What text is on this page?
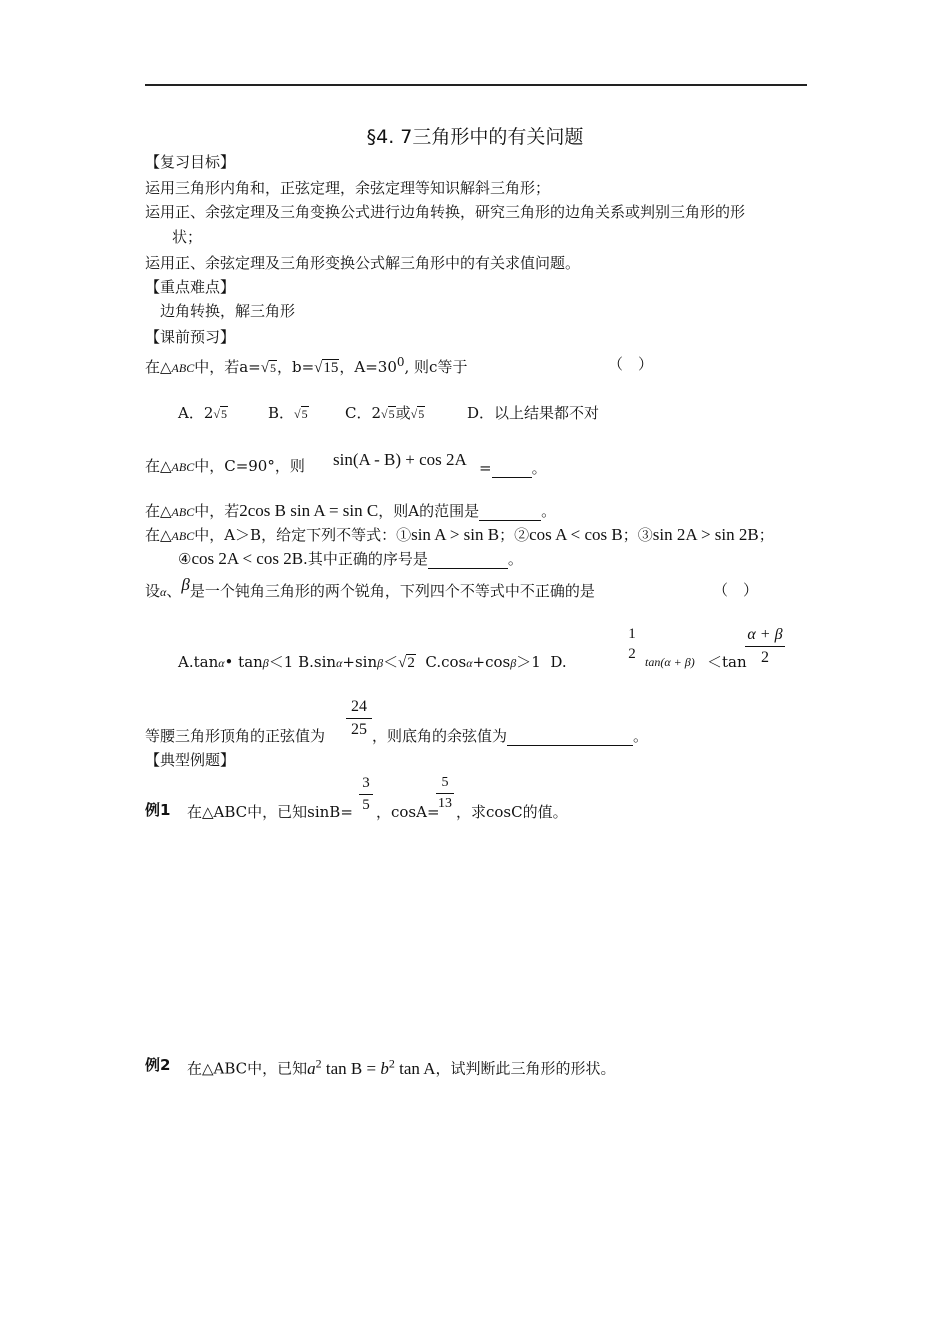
§4. 7三角形中的有关问题
【复习目标】
运用三角形内角和，正弦定理，余弦定理等知识解斜三角形；
运用正、余弦定理及三角变换公式进行边角转换，研究三角形的边角关系或判别三角形的形
状；
运用正、余弦定理及三角形变换公式解三角形中的有关求值问题。
【重点难点】
边角转换，解三角形
【课前预习】
在△ABC中，若a=√5，b=√15，$A=30^0$, 则c等于	（　）
A．2√5	B．√5 C．2√5或√5	D．以上结果都不对
在△ABC中，C=90°，则 sin(A - B) + cos 2A =	。
在△ABC中，若2cos B sin A = sin C，则A的范围是	。
在△ABC中，A＞B，给定下列不等式：①sin A > sin B；②cos A < cos B；③sin 2A > sin 2B；
④cos 2A < cos 2B.其中正确的序号是	。
设α、β是一个钝角三角形的两个锐角，下列四个不等式中不正确的是	（　）
A.tanα• tanβ＜1 B.sinα+sinβ＜√2 C.cosα+cosβ＞1 D.
1
2 tan(α + β) ＜tan
α + β
2
等腰三角形顶角的正弦值为
24
25 ，则底角的余弦值为	。
【典型例题】
例1 在△ABC中，已知sinB=
3
5 ，cosA=
5
13 ，求cosC的值。
例2 在△ABC中，已知$a^2$ $\tan B = b^2$ tan A，试判断此三角形的形状。
